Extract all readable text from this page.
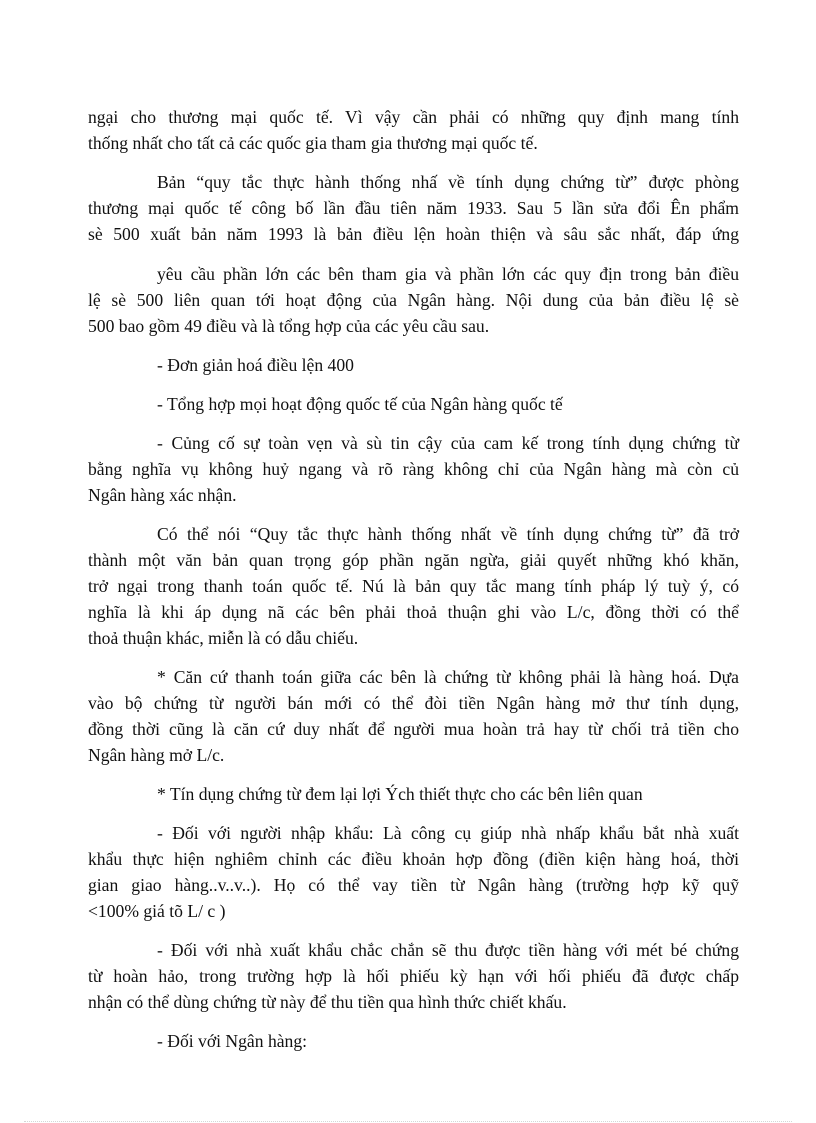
ngại cho thương mại quốc tế. Vì vậy cần phải có những quy định mang tính
thống nhất cho tất cả các quốc gia tham gia thương mại quốc tế.

Bản “quy tắc thực hành thống nhấ về tính dụng chứng từ” được phòng
thương mại quốc tế công bố lần đầu tiên năm 1933. Sau 5 lần sửa đổi Ên phẩm
sè 500 xuất bản năm 1993 là bản điều lện hoàn thiện và sâu sắc nhất, đáp ứng

yêu cầu phần lớn các bên tham gia và phần lớn các quy địn trong bản điều
lệ sè 500 liên quan tới hoạt động của Ngân hàng. Nội dung của bản điều lệ sè
500 bao gồm 49 điều và là tổng hợp của các yêu cầu sau.

- Đơn giản hoá điều lện 400

- Tổng hợp mọi hoạt động quốc tế của Ngân hàng quốc tế

- Củng cố sự toàn vẹn và sù tin cậy của cam kế trong tính dụng chứng từ
bằng nghĩa vụ không huỷ ngang và rõ ràng không chỉ của Ngân hàng mà còn củ
Ngân hàng xác nhận.

Có thể nói “Quy tắc thực hành thống nhất về tính dụng chứng từ” đã trở
thành một văn bản quan trọng góp phần ngăn ngừa, giải quyết những khó khăn,
trở ngại trong thanh toán quốc tế. Nú là bản quy tắc mang tính pháp lý tuỳ ý, có
nghĩa là khi áp dụng nã các bên phải thoả thuận ghi vào L/c, đồng thời có thể
thoả thuận khác, miễn là có dẫu chiếu.

* Căn cứ thanh toán giữa các bên là chứng từ không phải là hàng hoá. Dựa
vào bộ chứng từ người bán mới có thể đòi tiền Ngân hàng mở thư tính dụng,
đồng thời cũng là căn cứ duy nhất để người mua hoàn trả hay từ chối trả tiền cho
Ngân hàng mở L/c.

* Tín dụng chứng từ đem lại lợi Ých thiết thực cho các bên liên quan

- Đối với người nhập khẩu: Là công cụ giúp nhà nhấp khẩu bắt nhà xuất
khẩu thực hiện nghiêm chỉnh các điều khoản hợp đồng (điền kiện hàng hoá, thời
gian giao hàng..v..v..). Họ có thể vay tiền từ Ngân hàng (trường hợp kỹ quỹ
<100% giá tõ L/ c )

- Đối với nhà xuất khẩu chắc chắn sẽ thu được tiền hàng với mét bé chứng
từ hoàn hảo, trong trường hợp là hối phiếu kỳ hạn với hối phiếu đã được chấp
nhận có thể dùng chứng từ này để thu tiền qua hình thức chiết khấu.

- Đối với Ngân hàng:
